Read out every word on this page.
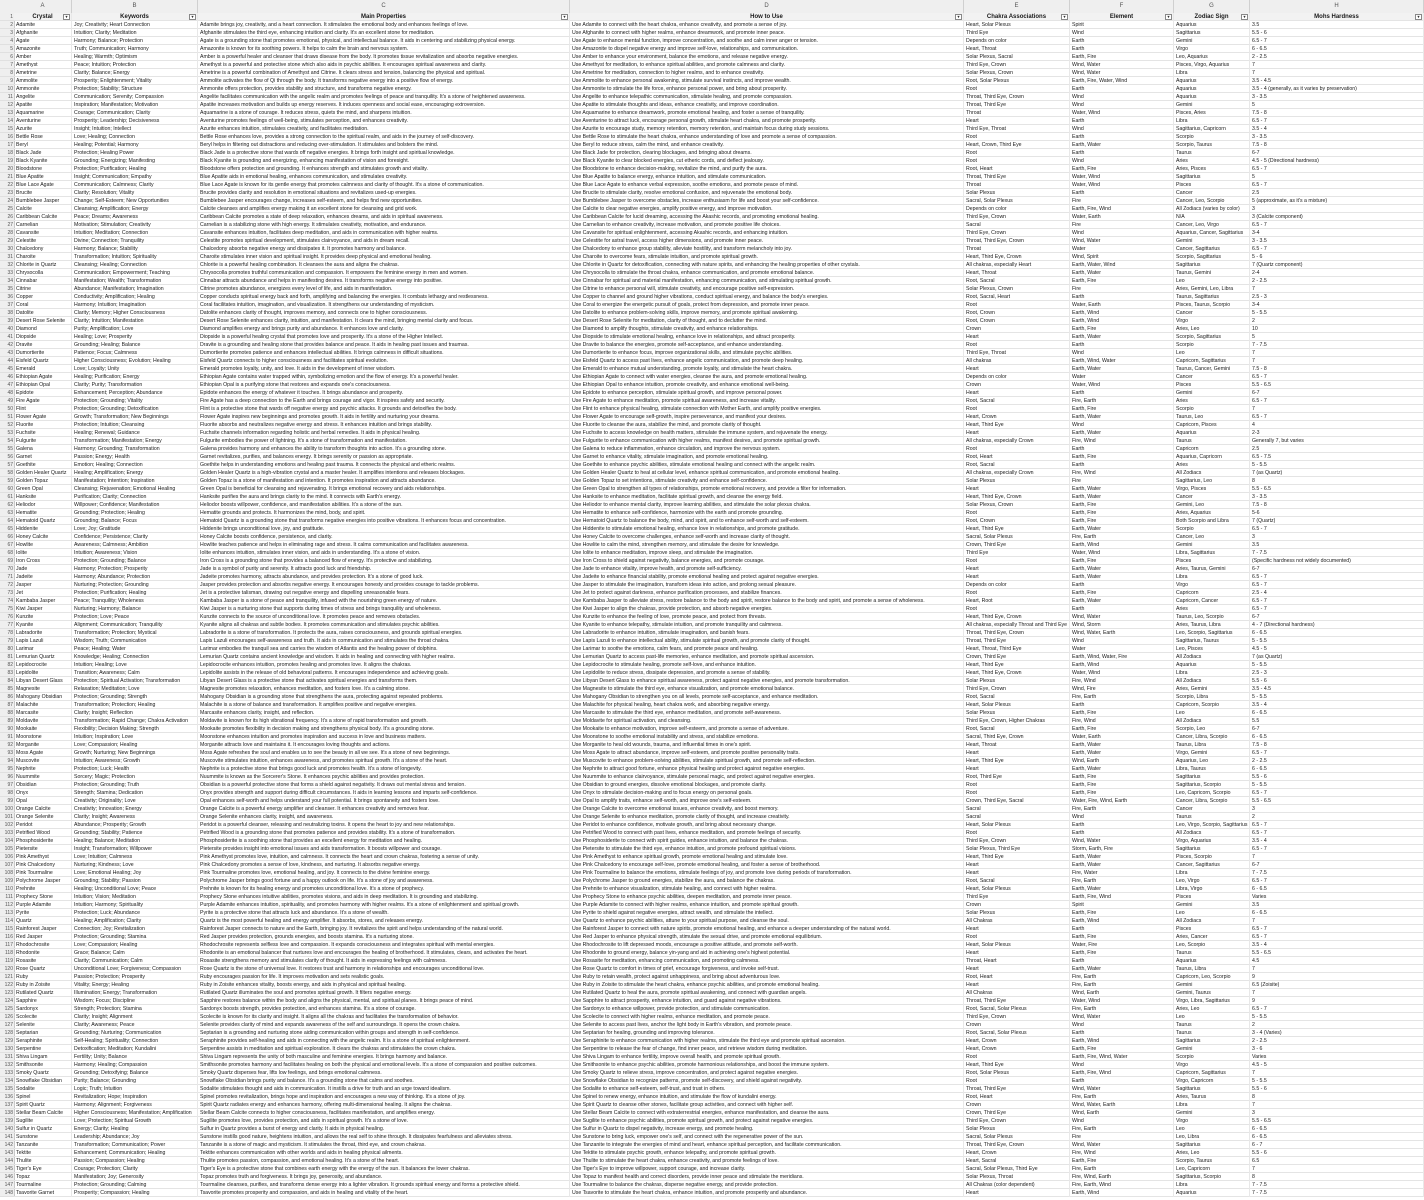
A	B	C	D	E	F	G	H
1
2
3
4
5
6
7
8
9
10
11
12
13
14
15
16
17
18
19
20
21
22
23
24
25
26
27
28
29
30
31
32
33
34
35
36
37
38
39
40
41
42
43
44
45
46
47
48
49
50
51
52
53
54
55
56
57
58
59
60
61
62
63
64
65
66
67
68
69
70
71
72
73
74
75
76
77
78
79
80
81
82
83
84
85
86
87
88
89
90
91
92
93
94
95
96
97
98
99
100
101
102
103
104
105
106
107
108
109
110
111
112
113
114
115
116
117
118
119
120
121
122
123
124
125
126
127
128
129
130
131
132
133
134
135
136
137
138
139
140
141
142
143
144
145
146
147
148
Crystal	▾	Keywords	▾	Main Properties	▾	How to Use	▾	Chakra Associations	▾	Element	▾	Zodiac Sign	▾	Mohs Hardness	▾
Adamite	Joy; Creativity; Heart Connection	Adamite brings joy, creativity, and a heart connection. It stimulates the emotional body and enhances feelings of love.	Use Adamite to connect with the heart chakra, enhance creativity, and promote a sense of joy.	Heart, Solar Plexus	Spirit	Aquarius	3.5
Afghanite	Intuition; Clarity; Meditation	Afghanite stimulates the third eye, enhancing intuition and clarity. It's an excellent stone for meditation.	Use Afghanite to connect with higher realms, enhance dreamwork, and promote inner peace.	Third Eye	Wind	Sagittarius	5.5 - 6
Agate	Harmony; Balance; Protection	Agate is a grounding stone that promotes emotional, physical, and intellectual balance. It aids in centering and stabilizing physical energy.	Use Agate to enhance mental function, improve concentration, and soothe and calm inner anger or tension.	Depends on color	Earth	Gemini	6.5 - 7
Amazonite	Truth; Communication; Harmony	Amazonite is known for its soothing powers. It helps to calm the brain and nervous system.	Use Amazonite to dispel negative energy and improve self-love, relationships, and communication.	Heart, Throat	Earth	Virgo	6 - 6.5
Amber	Healing; Warmth; Optimism	Amber is a powerful healer and cleanser that draws disease from the body. It promotes tissue revitalization and absorbs negative energies.	Use Amber to enhance your environment, balance the emotions, and release negative energy.	Solar Plexus, Sacral	Earth, Fire	Leo, Aquarius	2 - 2.5
Amethyst	Peace; Intuition; Protection	Amethyst is a powerful and protective stone which also aids in psychic abilities. It encourages spiritual awareness and clarity.	Use Amethyst for meditation, to enhance spiritual abilities, and promote calmness and clarity.	Third Eye, Crown	Wind, Water	Pisces, Virgo, Aquarius	7
Ametrine	Clarity; Balance; Energy	Ametrine is a powerful combination of Amethyst and Citrine. It clears stress and tension, balancing the physical and spiritual.	Use Ametrine for meditation, connection to higher realms, and to enhance creativity.	Solar Plexus, Crown	Wind, Water	Libra	7
Ammolite	Prosperity; Enlightenment; Vitality	Ammolite activates the flow of Qi through the body. It transforms negative energy into a positive flow of energy.	Use Ammolite to enhance personal awakening, stimulate survival instincts, and improve wealth.	Root, Solar Plexus	Earth, Fire, Water, Wind	Aquarius	3.5 - 4.5
Ammonite	Protection; Stability; Structure	Ammonite offers protection, provides stability and structure, and transforms negative energy.	Use Ammonite to stimulate the life force, enhance personal power, and bring about prosperity.	Root	Earth	Aquarius	3.5 - 4 (generally, as it varies by preservation)
Angelite	Communication; Serenity; Compassion	Angelite facilitates communication with the angelic realm and promotes feelings of peace and tranquility. It's a stone of heightened awareness.	Use Angelite to enhance telepathic communication, stimulate healing, and promote compassion.	Throat, Third Eye, Crown	Wind	Aquarius	3 - 3.5
Apatite	Inspiration; Manifestation; Motivation	Apatite increases motivation and builds up energy reserves. It induces openness and social ease, encouraging extroversion.	Use Apatite to stimulate thoughts and ideas, enhance creativity, and improve coordination.	Throat, Third Eye	Wind	Gemini	5
Aquamarine	Courage; Communication; Clarity	Aquamarine is a stone of courage. It reduces stress, quiets the mind, and sharpens intuition.	Use Aquamarine to enhance dreamwork, promote emotional healing, and foster a sense of tranquility.	Throat	Water, Wind	Pisces, Aries	7.5 - 8
Aventurine	Prosperity; Leadership; Decisiveness	Aventurine promotes feelings of well-being, stimulates perception, and enhances creativity.	Use Aventurine to attract luck, encourage personal growth, stimulate heart chakra, and promote prosperity.	Heart	Earth	Libra	6.5 - 7
Azurite	Insight; Intuition; Intellect	Azurite enhances intuition, stimulates creativity, and facilitates meditation.	Use Azurite to encourage study, memory retention, memory retention, and maintain focus during study sessions.	Third Eye, Throat	Wind	Sagittarius, Capricorn	3.5 - 4
Bettle Rose	Love; Healing; Connection	Bettle Rose enhances love, provides a strong connection to the spiritual realm, and aids in the journey of self-discovery.	Use Bettle Rose to stimulate the heart chakra, enhance understanding of love and promote a sense of compassion.	Root	Earth	Scorpio	3 - 3.5
Beryl	Healing; Potential; Harmony	Beryl helps in filtering out distractions and reducing over-stimulation. It stimulates and bolsters the mind.	Use Beryl to reduce stress, calm the mind, and enhance creativity.	Heart, Crown, Third Eye	Earth, Water	Scorpio, Taurus	7.5 - 8
Black Jade	Protection; Healing Power	Black Jade is a protective stone that wards off negative energies. It brings forth insight and spiritual knowledge.	Use Black Jade for protection, clearing blockages, and bringing about dreams.	Root	Earth	Taurus	6-7
Black Kyanite	Grounding; Energizing; Manifesting	Black Kyanite is grounding and energizing, enhancing manifestation of vision and foresight.	Use Black Kyanite to clear blocked energies, cut etheric cords, and deflect jealousy.	Root	Wind	Aries	4.5 - 5 (Directional hardness)
Bloodstone	Protection; Purification; Healing	Bloodstone offers protection and grounding. It enhances strength and stimulates growth and vitality.	Use Bloodstone to enhance decision-making, revitalize the mind, and purify the aura.	Root, Heart	Earth, Fire	Aries, Pisces	6.5 - 7
Blue Apatite	Insight; Communication; Empathy	Blue Apatite aids in emotional healing, enhances communication, and stimulates creativity.	Use Blue Apatite to balance energy, enhance intuition, and stimulate communication.	Throat, Third Eye	Water, Wind	Sagittarius	5
Blue Lace Agate	Communication; Calmness; Clarity	Blue Lace Agate is known for its gentle energy that promotes calmness and clarity of thought. It's a stone of communication.	Use Blue Lace Agate to enhance verbal expression, soothe emotions, and promote peace of mind.	Throat	Water, Wind	Pisces	6.5 - 7
Brucite	Clarity; Resolution; Vitality	Brucite provides clarity and resolution in emotional situations and revitalizes used-up energies.	Use Brucite to stimulate clarity, resolve emotional confusion, and rejuvenate the emotional body.	Solar Plexus	Earth	Cancer	2.5
Bumblebee Jasper	Change; Self-Esteem; New Opportunities	Bumblebee Jasper encourages change, increases self-esteem, and helps find new opportunities.	Use Bumblebee Jasper to overcome obstacles, increase enthusiasm for life and boost your self-confidence.	Sacral, Solar Plexus	Fire	Cancer, Leo, Scorpio	5 (approximate, as it's a mixture)
Calcite	Cleansing; Amplification; Energy	Calcite cleanses and amplifies energy making it an excellent stone for cleansing and grid work.	Use Calcite to clear negative energies, amplify positive energy, and improve motivation.	Depends on color	Earth, Fire, Wind	All Zodiacs (varies by color)	3
Caribbean Calcite	Peace; Dreams; Awareness	Caribbean Calcite promotes a state of deep relaxation, enhances dreams, and aids in spiritual awareness.	Use Caribbean Calcite for lucid dreaming, accessing the Akashic records, and promoting emotional healing.	Third Eye, Crown	Water, Earth	N/A	3 (Calcite component)
Carnelian	Motivation; Stimulation; Creativity	Carnelian is a stabilizing stone with high energy. It stimulates creativity, motivation, and endurance.	Use Carnelian to enhance creativity, increase motivation, and promote positive life choices.	Sacral	Fire	Cancer, Leo, Virgo	6.5 - 7
Cavansite	Intuition; Meditation; Connection	Cavansite enhances intuition, facilitates deep meditation, and aids in communication with higher realms.	Use Cavansite for spiritual enlightenment, accessing Akashic records, and enhancing intuition.	Third Eye, Crown	Wind	Aquarius, Cancer, Sagittarius	3-4
Celestite	Divine; Connection; Tranquility	Celestite promotes spiritual development, stimulates clairvoyance, and aids in dream recall.	Use Celestite for astral travel, access higher dimensions, and promote inner peace.	Throat, Third Eye, Crown	Wind, Water	Gemini	3 - 3.5
Chalcedony	Harmony; Balance; Stability	Chalcedony absorbs negative energy and dissipates it. It promotes harmony and balance.	Use Chalcedony to enhance group stability, alleviate hostility, and transform melancholy into joy.	Throat	Water	Cancer, Sagittarius	6.5 - 7
Charoite	Transformation; Intuition; Spirituality	Charoite stimulates inner vision and spiritual insight. It provides deep physical and emotional healing.	Use Charoite to overcome fears, stimulate intuition, and promote spiritual growth.	Heart, Third Eye, Crown	Wind, Spirit	Scorpio, Sagittarius	5 - 6
Chlorite in Quartz	Cleansing; Healing; Connection	Chlorite is a powerful healing combination. It cleanses the aura and aligns the chakras.	Use Chlorite in Quartz for detoxification, connecting with nature spirits, and enhancing the healing properties of other crystals.	All chakras, especially Heart	Earth, Water, Wind	Sagittarius	7 (Quartz component)
Chrysocolla	Communication; Empowerment; Teaching	Chrysocolla promotes truthful communication and compassion. It empowers the feminine energy in men and women.	Use Chrysocolla to stimulate the throat chakra, enhance communication, and promote emotional balance.	Heart, Throat	Earth, Water	Taurus, Gemini	2-4
Cinnabar	Manifestation; Wealth; Transformation	Cinnabar attracts abundance and helps in manifesting desires. It transforms negative energy into positive.	Use Cinnabar for spiritual and material manifestation, enhancing communication, and stimulating spiritual growth.	Root, Sacral	Earth, Fire	Leo	2 - 2.5
Citrine	Abundance; Manifestation; Imagination	Citrine promotes abundance, energizes every level of life, and aids in manifestation.	Use Citrine to enhance personal will, stimulate creativity, and encourage positive self-expression.	Solar Plexus, Crown	Fire	Aries, Gemini, Leo, Libra	7
Copper	Conductivity; Amplification; Healing	Copper conducts spiritual energy back and forth, amplifying and balancing the energies. It combats lethargy and restlessness.	Use Copper to channel and ground higher vibrations, conduct spiritual energy, and balance the body's energies.	Root, Sacral, Heart	Earth	Taurus, Sagittarius	2.5 - 3
Coral	Harmony; Intuition; Imagination	Coral facilitates intuition, imagination, and visualization. It strengthens our understanding of mysticism.	Use Coral to energize the energetic pursuit of goals, protect from depression, and promote inner peace.	Root	Water, Earth	Pisces, Taurus, Scorpio	3-4
Datolite	Clarity; Memory; Higher Consciousness	Datolite enhances clarity of thought, improves memory, and connects one to higher consciousness.	Use Datolite to enhance problem-solving skills, improve memory, and promote spiritual awakening.	Root, Crown	Earth, Wind	Cancer	5 - 5.5
Desert Rose Selenite	Clarity; Intuition; Manifestation	Desert Rose Selenite enhances clarity, intuition, and manifestation. It clears the mind, bringing mental clarity and focus.	Use Desert Rose Selenite for meditation, clarity of thought, and to declutter the mind.	Root, Crown	Earth, Wind	Virgo	2
Diamond	Purity; Amplification; Love	Diamond amplifies energy and brings purity and abundance. It enhances love and clarity.	Use Diamond to amplify thoughts, stimulate creativity, and enhance relationships.	Crown	Earth, Fire	Aries, Leo	10
Diopside	Healing; Love; Prosperity	Diopside is a powerful healing crystal that promotes love and prosperity. It's a stone of the Higher Intellect.	Use Diopside to stimulate emotional healing, enhance love in relationships, and attract prosperity.	Heart	Earth, Water	Scorpio, Sagittarius	5
Dravite	Grounding; Healing; Balance	Dravite is a grounding and healing stone that provides balance and peace. It aids in healing past issues and traumas.	Use Dravite to balance the energies, promote self-acceptance, and enhance understanding.	Root	Earth	Scorpio	7 - 7.5
Dumortierite	Patience; Focus; Calmness	Dumortierite promotes patience and enhances intellectual abilities. It brings calmness in difficult situations.	Use Dumortierite to enhance focus, improve organizational skills, and stimulate psychic abilities.	Third Eye, Throat	Wind	Leo	7
Eisfeld Quartz	Higher Consciousness; Evolution; Healing	Eisfeld Quartz connects to higher consciousness and facilitates spiritual evolution.	Use Eisfeld Quartz to access past lives, enhance angelic communication, and promote deep healing.	All chakras	Earth, Wind, Water	Capricorn, Sagittarius	7
Emerald	Love; Loyalty; Unity	Emerald promotes loyalty, unity, and love. It aids in the development of inner wisdom.	Use Emerald to enhance mutual understanding, promote loyalty, and stimulate the heart chakra.	Heart	Earth, Water	Taurus, Cancer, Gemini	7.5 - 8
Ethiopian Agate	Healing; Purification; Energy	Ethiopian Agate contains water trapped within, symbolizing emotion and the flow of energy. It's a powerful healer.	Use Ethiopian Agate to connect with water energies, cleanse the aura, and promote emotional healing.	Depends on color	Water	Cancer	6.5 - 7
Ethiopian Opal	Clarity; Purity; Transformation	Ethiopian Opal is a purifying stone that restores and expands one's consciousness.	Use Ethiopian Opal to enhance intuition, promote creativity, and enhance emotional well-being.	Crown	Water, Wind	Pisces	5.5 - 6.5
Epidote	Enhancement; Perception; Abundance	Epidote enhances the energy of whatever it touches. It brings abundance and prosperity.	Use Epidote to enhance perception, stimulate spiritual growth, and improve personal power.	Heart	Earth	Gemini	6-7
Fire Agate	Protection; Grounding; Vitality	Fire Agate has a deep connection to the Earth and brings courage and vigor. It inspires safety and security.	Use Fire Agate to enhance meditation, promote spiritual awareness, and increase vitality.	Root, Sacral	Fire, Earth	Aries	6.5 - 7
Flint	Protection; Grounding; Detoxification	Flint is a protective stone that wards off negative energy and psychic attacks. It grounds and detoxifies the body.	Use Flint to enhance physical healing, stimulate connection with Mother Earth, and amplify positive energies.	Root	Earth, Fire	Scorpio	7
Flower Agate	Growth; Transformation; New Beginnings	Flower Agate inspires new beginnings and promotes growth. It aids in fertility and nurturing your dreams.	Use Flower Agate to encourage self-growth, inspire perseverance, and manifest your desires.	Heart, Crown	Earth, Water	Taurus, Leo	6.5 - 7
Fluorite	Protection; Intuition; Cleansing	Fluorite absorbs and neutralizes negative energy and stress. It enhances intuition and brings stability.	Use Fluorite to cleanse the aura, stabilize the mind, and promote clarity of thought.	Heart, Third Eye	Wind	Capricorn, Pisces	4
Fuchsite	Healing; Renewal; Guidance	Fuchsite channels information regarding holistic and herbal remedies. It aids in physical healing.	Use Fuchsite to access knowledge on health matters, stimulate the immune system, and rejuvenate the energy.	Heart	Earth, Water	Aquarius	2-3
Fulgurite	Transformation; Manifestation; Energy	Fulgurite embodies the power of lightning. It's a stone of transformation and manifestation.	Use Fulgurite to enhance communication with higher realms, manifest desires, and promote spiritual growth.	All chakras, especially Crown	Fire, Wind	Taurus	Generally 7, but varies
Galena	Harmony; Grounding; Transformation	Galena provides harmony and enhances the ability to transform thoughts into action. It's a grounding stone.	Use Galena to reduce inflammation, enhance circulation, and improve the nervous system.	Root	Earth	Capricorn	2.5
Garnet	Passion; Energy; Health	Garnet revitalizes, purifies, and balances energy. It brings serenity or passion as appropriate.	Use Garnet to enhance vitality, stimulate imagination, and promote emotional healing.	Root, Heart	Earth, Fire	Aquarius, Capricorn	6.5 - 7.5
Goethite	Emotion; Healing; Connection	Goethite helps in understanding emotions and healing past trauma. It connects the physical and etheric realms.	Use Goethite to enhance psychic abilities, stimulate emotional healing and connect with the angelic realm.	Root, Sacral	Earth	Aries	5 - 5.5
Golden Healer Quartz	Healing; Amplification; Energy	Golden Healer Quartz is a high-vibration crystal and a master healer. It amplifies intentions and releases blockages.	Use Golden Healer Quartz to heal at cellular level, enhance spiritual communication, and promote emotional healing.	All chakras, especially Crown	Fire, Wind	All Zodiacs	7 (as Quartz)
Golden Topaz	Manifestation; Intention; Inspiration	Golden Topaz is a stone of manifestation and intention. It promotes inspiration and attracts abundance.	Use Golden Topaz to set intentions, stimulate creativity and enhance self-confidence.	Solar Plexus	Fire	Sagittarius, Leo	8
Green Opal	Cleansing; Rejuvenation; Emotional Healing	Green Opal is beneficial for cleansing and rejuvenating. It brings emotional recovery and aids relationships.	Use Green Opal to strengthen all types of relationships, promote emotional recovery, and provide a filter for information.	Heart	Earth, Water	Virgo, Pisces	5.5 - 6.5
Hanksite	Purification; Clarity; Connection	Hanksite purifies the aura and brings clarity to the mind. It connects with Earth's energy.	Use Hanksite to enhance meditation, facilitate spiritual growth, and cleanse the energy field.	Heart, Third Eye, Crown	Earth, Water	Cancer	3 - 3.5
Heliodor	Willpower; Confidence; Manifestation	Heliodor boosts willpower, confidence, and manifestation abilities. It's a stone of the sun.	Use Heliodor to enhance mental clarity, improve learning abilities, and stimulate the solar plexus chakra.	Solar Plexus, Crown	Earth, Fire	Gemini, Leo	7.5 - 8
Hematite	Grounding; Protection; Healing	Hematite grounds and protects. It harmonizes the mind, body, and spirit.	Use Hematite to enhance self-confidence, harmonize with the earth and promote grounding.	Root	Earth, Fire	Aries, Aquarius	5-6
Hematoid Quartz	Grounding; Balance; Focus	Hematoid Quartz is a grounding stone that transforms negative energies into positive vibrations. It enhances focus and concentration.	Use Hematoid Quartz to balance the body, mind, and spirit, and to enhance self-worth and self-esteem.	Root, Crown	Earth, Fire	Both Scorpio and Libra	7 (Quartz)
Hiddenite	Love; Joy; Gratitude	Hiddenite brings unconditional love, joy, and gratitude.	Use Hiddenite to stimulate emotional healing, enhance love in relationships, and promote gratitude.	Heart, Third Eye	Earth, Water	Scorpio	6.5 - 7
Honey Calcite	Confidence; Persistence; Clarity	Honey Calcite boosts confidence, persistence, and clarity.	Use Honey Calcite to overcome challenges, enhance self-worth and increase clarity of thought.	Sacral, Solar Plexus	Fire, Earth	Cancer, Leo	3
Howlite	Awareness; Calmness; Ambition	Howlite teaches patience and helps in eliminating rage and stress. It calms communication and facilitates awareness.	Use Howlite to calm the mind, strengthen memory, and stimulate the desire for knowledge.	Crown, Third Eye	Earth, Wind	Gemini	3.5
Iolite	Intuition; Awareness; Vision	Iolite enhances intuition, stimulates inner vision, and aids in understanding. It's a stone of vision.	Use Iolite to enhance meditation, improve sleep, and stimulate the imagination.	Third Eye	Water, Wind	Libra, Sagittarius	7 - 7.5
Iron Cross	Protection; Grounding; Balance	Iron Cross is a grounding stone that provides a balanced flow of energy. It's protective and stabilizing.	Use Iron Cross to shield against negativity, balance energies, and promote courage.	Root	Earth, Fire	Pisces	(Specific hardness not widely documented)
Jade	Harmony; Protection; Prosperity	Jade is a symbol of purity and serenity. It attracts good luck and friendship.	Use Jade to enhance vitality, improve health, and promote self-sufficiency.	Heart	Earth, Water	Aries, Taurus, Gemini	6-7
Jadeite	Harmony; Abundance; Protection	Jadeite promotes harmony, attracts abundance, and provides protection. It's a stone of good luck.	Use Jadeite to enhance financial stability, promote emotional healing and protect against negative energies.	Heart	Earth, Water	Libra	6.5 - 7
Jasper	Nurturing; Protection; Grounding	Jasper provides protection and absorbs negative energy. It encourages honesty and provides courage to tackle problems.	Use Jasper to stimulate the imagination, transform ideas into action, and prolong sexual pleasure.	Depends on color	Earth	Virgo	6.5 - 7
Jet	Protection; Purification; Healing	Jet is a protective talisman, drawing out negative energy and dispelling unreasonable fears.	Use Jet to protect against darkness, enhance purification processes, and stabilize finances.	Root	Earth, Fire	Capricorn	2.5 - 4
Kambaba Jasper	Peace; Tranquility; Wholeness	Kambaba Jasper is a stone of peace and tranquility, infused with the nourishing green energy of nature.	Use Kambaba Jasper to alleviate stress, restore balance to the body and spirit, restore balance to the body and spirit, and promote a sense of wholeness.	Heart, Root	Earth, Water	Capricorn, Cancer	6.5 - 7
Kiwi Jasper	Nurturing; Harmony; Balance	Kiwi Jasper is a nurturing stone that supports during times of stress and brings tranquility and wholeness.	Use Kiwi Jasper to align the chakras, provide protection, and absorb negative energies.	Root	Earth	Aries	6.5 - 7
Kunzite	Protection; Love; Peace	Kunzite connects to the source of unconditional love. It promotes peace and removes obstacles.	Use Kunzite to enhance the feeling of love, promote peace, and protect from threats.	Heart, Third Eye, Crown	Wind, Water	Taurus, Leo, Scorpio	6-7
Kyanite	Alignment; Communication; Tranquility	Kyanite aligns all chakras and subtle bodies. It promotes communication and stimulates psychic abilities.	Use Kyanite to enhance telepathy, stimulate intuition, and promote tranquility and calmness.	All chakras, especially Throat and Third Eye Wind, Storm	Aries, Taurus, Libra	4 - 7 (Directional hardness)
Labradorite	Transformation; Protection; Mystical	Labradorite is a stone of transformation. It protects the aura, raises consciousness, and grounds spiritual energies.	Use Labradorite to enhance intuition, stimulate imagination, and banish fears.	Throat, Third Eye, Crown	Wind, Water, Earth	Leo, Scorpio, Sagittarius	6 - 6.5
Lapis Lazuli	Wisdom; Truth; Communication	Lapis Lazuli encourages self-awareness and truth. It aids in communication and stimulates the throat chakra.	Use Lapis Lazuli to enhance intellectual ability, stimulate spiritual growth, and promote clarity of thought.	Throat, Third Eye	Wind	Sagittarius, Taurus	5 - 5.5
Larimar	Peace; Healing; Water	Larimar embodies the tranquil sea and carries the wisdom of Atlantis and the healing power of dolphins.	Use Larimar to soothe the emotions, calm fears, and promote peace and healing.	Heart, Throat, Third Eye	Water	Leo, Pisces	4.5 - 5
Lemurian Quartz	Knowledge; Healing; Connection	Lemurian Quartz contains ancient knowledge and wisdom. It aids in healing and connecting with higher realms.	Use Lemurian Quartz to access past-life memories, enhance meditation, and promote spiritual ascension.	Crown, Third Eye	Earth, Wind, Water, Fire	All Zodiacs	7 (as Quartz)
Lepidocrocite	Intuition; Healing; Love	Lepidocrocite enhances intuition, promotes healing and promotes love. It aligns the chakras.	Use Lepidocrocite to stimulate healing, promote self-love, and enhance intuition.	Heart, Third Eye	Earth, Wind	Aquarius	5 - 5.5
Lepidolite	Transition; Awareness; Calm	Lepidolite assists in the release of old behavioral patterns. It encourages independence and achieving goals.	Use Lepidolite to reduce stress, dissipate depression, and promote a sense of stability.	Heart, Third Eye, Crown	Water, Wind	Libra	2.5 - 3
Libyan Desert Glass	Protection; Spiritual Activation; Transformation	Libyan Desert Glass is a protective stone that activates spiritual energies and transforms them.	Use Libyan Desert Glass to enhance spiritual awareness, protect against negative energies, and promote transformation.	Solar Plexus	Fire, Wind	All Zodiacs	5.5 - 6
Magnesite	Relaxation; Meditation; Love	Magnesite promotes relaxation, enhances meditation, and fosters love. It's a calming stone.	Use Magnesite to stimulate the third eye, enhance visualization, and promote emotional balance.	Third Eye, Crown	Wind, Fire	Aries, Gemini	3.5 - 4.5
Mahogany Obsidian	Protection; Grounding; Strength	Mahogany Obsidian is a grounding stone that strengthens the aura, protecting against repeated problems.	Use Mahogany Obsidian to strengthen you on all levels, promote self-acceptance, and enhance meditation.	Root, Sacral	Fire, Earth	Scorpio, Libra	5 - 5.5
Malachite	Transformation; Protection; Healing	Malachite is a stone of balance and transformation. It amplifies positive and negative energies.	Use Malachite for physical healing, heart chakra work, and absorbing negative energy.	Heart, Solar Plexus	Earth	Capricorn, Scorpio	3.5 - 4
Marcasite	Clarity; Insight; Reflection	Marcasite enhances clarity, insight, and reflection.	Use Marcasite to stimulate the third eye, enhance meditation, and promote self-awareness.	Solar Plexus	Earth, Fire	Leo	6 - 6.5
Moldavite	Transformation; Rapid Change; Chakra Activation	Moldavite is known for its high vibrational frequency. It's a stone of rapid transformation and growth.	Use Moldavite for spiritual activation, and cleansing.	Third Eye, Crown, Higher Chakras	Fire, Wind	All Zodiacs	5.5
Mookaite	Flexibility; Decision Making; Strength	Mookaite promotes flexibility in decision making and strengthens physical body. It's a grounding stone.	Use Mookaite to enhance motivation, improve self-esteem, and promote a sense of adventure.	Root, Sacral	Earth, Fire	Scorpio, Leo	6-7
Moonstone	Intuition; Inspiration; Love	Moonstone enhances intuition and promotes inspiration and success in love and business matters.	Use Moonstone to soothe emotional instability and stress, and stabilize emotions.	Sacral, Third Eye, Crown	Water, Earth	Cancer, Libra, Scorpio	6 - 6.5
Morganite	Love; Compassion; Healing	Morganite attracts love and maintains it. It encourages loving thoughts and actions.	Use Morganite to heal old wounds, trauma, and influential times in one's spirit.	Heart, Throat	Earth, Water	Taurus, Libra	7.5 - 8
Moss Agate	Growth; Nurturing; New Beginnings	Moss Agate refreshes the soul and enables us to see the beauty in all we see. It's a stone of new beginnings.	Use Moss Agate to attract abundance, improve self-esteem, and promote positive personality traits.	Heart	Earth, Water	Virgo, Gemini	6.5 - 7
Muscovite	Intuition; Awareness; Growth	Muscovite stimulates intuition, enhances awareness, and promotes spiritual growth. It's a stone of the heart.	Use Muscovite to enhance problem-solving abilities, stimulate spiritual growth, and promote self-reflection.	Heart, Third Eye	Wind, Earth	Aquarius, Leo	2 - 2.5
Nephrite	Protection; Luck; Health	Nephrite is a protective stone that brings good luck and promotes health. It's a stone of longevity.	Use Nephrite to attract good fortune, enhance physical healing and protect against negative energies.	Heart	Earth, Water	Libra, Taurus	6 - 6.5
Nuummite	Sorcery; Magic; Protection	Nuummite is known as the Sorcerer's Stone. It enhances psychic abilities and provides protection.	Use Nuummite to enhance clairvoyance, stimulate personal magic, and protect against negative energies.	Root, Third Eye	Earth, Fire	Sagittarius	5.5 - 6
Obsidian	Protection; Grounding; Truth	Obsidian is a powerful protective stone that forms a shield against negativity. It draws out mental stress and tension.	Use Obsidian to ground energies, dissolve emotional blockages, and promote clarity.	Root	Earth, Fire	Sagittarius, Scorpio	5 - 5.5
Onyx	Strength; Stamina; Dedication	Onyx provides strength and support during difficult circumstances. It aids in learning lessons and imparts self-confidence.	Use Onyx to stimulate decision-making and to focus energy on personal goals.	Root	Earth, Fire	Leo, Capricorn, Scorpio	6.5 - 7
Opal	Creativity; Originality; Love	Opal enhances self-worth and helps understand your full potential. It brings spontaneity and fosters love.	Use Opal to amplify traits, enhance self-worth, and improve one's self-esteem.	Crown, Third Eye, Sacral	Water, Fire, Wind, Earth	Cancer, Libra, Scorpio	5.5 - 6.5
Orange Calcite	Creativity; Innovation; Energy	Orange Calcite is a powerful energy amplifier and cleanser. It enhances creativity and removes fear.	Use Orange Calcite to overcome emotional issues, enhance creativity, and boost memory.	Sacral	Fire, Earth	Cancer	3
Orange Selenite	Clarity; Insight; Awareness	Orange Selenite enhances clarity, insight, and awareness.	Use Orange Selenite to enhance meditation, promote clarity of thought, and increase creativity.	Sacral	Wind	Taurus	2
Peridot	Abundance; Prosperity; Growth	Peridot is a powerful cleanser, releasing and neutralizing toxins. It opens the heart to joy and new relationships.	Use Peridot to enhance confidence, motivate growth, and bring about necessary change.	Heart, Solar Plexus	Earth	Leo, Virgo, Scorpio, Sagittarius 6.5 - 7
Petrified Wood	Grounding; Stability; Patience	Petrified Wood is a grounding stone that promotes patience and provides stability. It's a stone of transformation.	Use Petrified Wood to connect with past lives, enhance meditation, and promote feelings of security.	Root	Earth	All Zodiacs	6.5 - 7
Phosphosiderite	Healing; Balance; Meditation	Phosphosiderite is a soothing stone that provides an excellent energy for meditation and healing.	Use Phosphosiderite to connect with spirit guides, enhance intuition, and balance the chakras.	Third Eye, Crown	Wind, Water	Virgo, Aquarius	3.5 - 4
Pietersite	Insight; Transformation; Willpower	Pietersite provides insight into emotional issues and aids transformation. It boosts willpower and courage.	Use Pietersite to stimulate the third eye, enhance intuition, and promote profound spiritual visions.	Solar Plexus, Third Eye	Storm, Earth, Fire	Sagittarius	6.5 - 7
Pink Amethyst	Love; Intuition; Calmness	Pink Amethyst promotes love, intuition, and calmness. It connects the heart and crown chakras, fostering a sense of unity.	Use Pink Amethyst to enhance spiritual growth, promote emotional healing and stimulate love.	Heart, Third Eye	Earth, Water	Pisces, Scorpio	7
Pink Chalcedony	Nurturing; Kindness; Love	Pink Chalcedony promotes a sense of love, kindness, and nurturing. It absorbs negative energy.	Use Pink Chalcedony to encourage self-love, promote emotional healing, and foster a sense of brotherhood.	Heart	Earth, Water	Cancer, Sagittarius	6-7
Pink Tourmaline	Love; Emotional Healing; Joy	Pink Tourmaline promotes love, emotional healing, and joy. It connects to the divine feminine energy.	Use Pink Tourmaline to balance the emotions, stimulate feelings of joy, and promote love during periods of transformation.	Heart	Fire, Water	Libra	7 - 7.5
Polychrome Jasper	Grounding; Stability; Passion	Polychrome Jasper brings good fortune and a happy outlook on life. It's a stone of joy and awareness.	Use Polychrome Jasper to ground energies, stabilize the aura, and balance the chakras.	Root, Sacral	Fire, Earth	Leo, Virgo	6.5 - 7
Prehnite	Healing; Unconditional Love; Peace	Prehnite is known for its healing energy and promotes unconditional love. It's a stone of prophecy.	Use Prehnite to enhance visualization, stimulate healing, and connect with higher realms.	Heart, Solar Plexus	Earth, Water	Libra, Virgo	6 - 6.5
Prophecy Stone	Intuition; Vision; Meditation	Prophecy Stone enhances intuitive abilities, promotes visions, and aids in deep meditation. It is grounding and stabilizing.	Use Prophecy Stone to enhance psychic abilities, deepen meditation, and promote inner peace.	Third Eye	Earth, Fire, Wind	Pisces	Varies
Purple Adamite	Intuition; Harmony; Spirituality	Purple Adamite enhances intuition, spirituality, and promotes harmony with higher realms. It's a stone of enlightenment and spiritual growth.	Use Purple Adamite to connect with higher realms, enhance intuition, and promote spiritual growth.	Crown	Spirit	Gemini	3.5
Pyrite	Protection; Luck; Abundance	Pyrite is a protective stone that attracts luck and abundance. It's a stone of wealth.	Use Pyrite to shield against negative energies, attract wealth, and stimulate the intellect.	Solar Plexus	Earth, Fire	Leo	6 - 6.5
Quartz	Healing; Amplification; Clarity	Quartz is the most powerful healing and energy amplifier. It absorbs, stores, and releases energy.	Use Quartz to enhance psychic abilities, attune to your spiritual purpose, and cleanse the soul.	All Chakras	Earth, Wind	All Zodiacs	7
Rainforest Jasper	Connection; Joy; Revitalization	Rainforest Jasper connects to nature and the Earth, bringing joy. It revitalizes the spirit and helps understanding of the natural world.	Use Rainforest Jasper to connect with nature spirits, promote emotional healing, and enhance a deeper understanding of the natural world.	Heart	Earth	Pisces	6.5 - 7
Red Jasper	Protection; Grounding; Stamina	Red Jasper provides protection, grounds energies, and boosts stamina. It's a nurturing stone.	Use Red Jasper to enhance physical strength, stimulate the sexual drive, and promote emotional equilibrium.	Root	Earth, Fire	Aries, Cancer	6.5 - 7
Rhodochrosite	Love; Compassion; Healing	Rhodochrosite represents selfless love and compassion. It expands consciousness and integrates spiritual with mental energies.	Use Rhodochrosite to lift depressed moods, encourage a positive attitude, and promote self-worth.	Heart, Solar Plexus	Water, Fire	Leo, Scorpio	3.5 - 4
Rhodonite	Grace; Balance; Calm	Rhodonite is an emotional balancer that nurtures love and encourages the healing of brotherhood. It stimulates, clears, and activates the heart.	Use Rhodonite to ground energy, balance yin-yang and aid in achieving one's highest potential.	Heart	Earth, Fire	Taurus	5.5 - 6.5
Rosasite	Clarity; Communication; Calm	Rosasite strengthens memory and stimulates clarity of thought. It aids in expressing feelings with calmness.	Use Rosasite for meditation, enhancing communication, and promoting calmness.	Throat, Heart	Earth	Aquarius	4.5
Rose Quartz	Unconditional Love; Forgiveness; Compassion	Rose Quartz is the stone of universal love. It restores trust and harmony in relationships and encourages unconditional love.	Use Rose Quartz to comfort in times of grief, encourage forgiveness, and invoke self-trust.	Heart	Earth, Water	Taurus, Libra	7
Ruby	Passion; Protection; Prosperity	Ruby encourages passion for life. It improves motivation and sets realistic goals.	Use Ruby to retain wealth, protect against unhappiness, and bring about adventurous love.	Root, Heart	Fire, Earth	Capricorn, Leo, Scorpio	9
Ruby in Zoisite	Vitality; Energy; Healing	Ruby in Zoisite enhances vitality, boosts energy, and aids in physical and spiritual healing.	Use Ruby in Zoisite to stimulate the heart chakra, enhance psychic abilities, and promote emotional healing.	Heart	Fire, Earth	Gemini	6.5 (Zoisite)
Rutilated Quartz	Illumination; Energy; Transformation	Rutilated Quartz illuminates the soul and promotes spiritual growth. It filters negative energy.	Use Rutilated Quartz to heal the aura, promote spiritual awakening, and connect with guardian angels.	All Chakras	Wind, Earth	Gemini, Taurus	7
Sapphire	Wisdom; Focus; Discipline	Sapphire restores balance within the body and aligns the physical, mental, and spiritual planes. It brings peace of mind.	Use Sapphire to attract prosperity, enhance intuition, and guard against negative vibrations.	Throat, Third Eye	Water, Wind	Virgo, Libra, Sagittarius	9
Sardonyx	Strength; Protection; Stamina	Sardonyx boosts strength, provides protection, and enhances stamina. It's a stone of courage.	Use Sardonyx to enhance willpower, provide protection, and stimulate communication.	Root, Sacral, Solar Plexus	Fire, Earth	Aries, Leo	6.5 - 7
Scolecite	Clarity; Insight; Alignment	Scolecite is known for its clarity and insight. It aligns all the chakras and facilitates the transformation of behavior.	Use Scolecite to connect with higher realms, enhance meditation, and promote peace.	Third Eye, Crown	Wind, Water	Leo	5 - 5.5
Selenite	Clarity; Awareness; Peace	Selenite provides clarity of mind and expands awareness of the self and surroundings. It opens the crown chakra.	Use Selenite to access past lives, anchor the light body in Earth's vibration, and promote peace.	Crown	Wind	Taurus	2
Septarian	Grounding; Nurturing; Communication	Septarian is a grounding and nurturing stone aiding communication within groups and strength in self-confidence.	Use Septarian for healing, grounding and improving tolerance.	Root, Sacral, Solar Plexus	Earth	Taurus	3 - 4 (Varies)
Seraphinite	Self-Healing; Spirituality; Connection	Seraphinite provides self-healing and aids in connecting with the angelic realm. It is a stone of spiritual enlightenment.	Use Seraphinite to enhance communication with higher realms, stimulate the third eye and promote spiritual ascension.	Heart, Crown	Earth, Wind	Sagittarius	2 - 2.5
Serpentine	Detoxification; Meditation; Kundalini	Serpentine assists in meditation and spiritual exploration. It clears the chakras and stimulates the crown chakra.	Use Serpentine to release the fear of change, find inner peace, and retrieve wisdom during meditation.	Heart, Crown	Earth, Fire	Gemini	3 - 6
Shiva Lingam	Fertility; Unity; Balance	Shiva Lingam represents the unity of both masculine and feminine energies. It brings harmony and balance.	Use Shiva Lingam to enhance fertility, improve overall health, and promote spiritual growth.	Root	Earth, Fire, Wind, Water	Scorpio	Varies
Smithsonite	Harmony; Healing; Compassion	Smithsonite promotes harmony and facilitates healing on both the physical and emotional levels. It's a stone of compassion and positive outcomes.	Use Smithsonite to enhance psychic abilities, promote harmonious relationships, and boost the immune system.	Heart, Third Eye	Wind	Virgo	4.5 - 5
Smoky Quartz	Grounding; Detoxifying; Balance	Smoky Quartz disperses fear, lifts low feelings, and brings emotional calmness.	Use Smoky Quartz to relieve stress, improve concentration, and protect against negative energies.	Root, Solar Plexus	Earth, Fire, Wind	Capricorn, Sagittarius	7
Snowflake Obsidian	Purity; Balance; Grounding	Snowflake Obsidian brings purity and balance. It's a grounding stone that calms and soothes.	Use Snowflake Obsidian to recognize patterns, promote self-discovery, and shield against negativity.	Root	Earth	Virgo, Capricorn	5 - 5.5
Sodalite	Logic; Truth; Intuition	Sodalite stimulates thought and aids in communication. It instills a drive for truth and an urge toward idealism.	Use Sodalite to enhance self-esteem, self-trust, and trust in others.	Throat, Third Eye	Wind, Water	Sagittarius	5.5 - 6
Spinel	Revitalization; Hope; Inspiration	Spinel promotes revitalization, brings hope and inspiration and encourages a new way of thinking. It's a stone of joy.	Use Spinel to renew energy, enhance intuition, and stimulate the flow of kundalini energy.	Root, Heart	Fire, Earth	Aries, Taurus	8
Spirit Quartz	Harmony; Alignment; Forgiveness	Spirit Quartz radiates energy and enhances harmony, offering multi-dimensional healing. It aligns the chakras.	Use Spirit Quartz to cleanse other stones, facilitate group activities, and connect with higher self.	Crown	Wind, Water, Earth	Libra	7
Stellar Beam Calcite	Higher Consciousness; Manifestation; Amplification	Stellar Beam Calcite connects to higher consciousness, facilitates manifestation, and amplifies energy.	Use Stellar Beam Calcite to connect with extraterrestrial energies, enhance manifestation, and cleanse the aura.	Crown, Third Eye	Wind, Earth	Gemini	3
Sugilite	Love; Protection; Spiritual Growth	Sugilite promotes love, provides protection, and aids in spiritual growth. It's a stone of love.	Use Sugilite to enhance psychic abilities, promote spiritual growth, and protect against negative energies.	Third Eye, Crown	Wind	Virgo	5.5 - 6.5
Sulfur in Quartz	Energy; Clarity; Healing	Sulfur in Quartz provides a burst of energy and clarity. It aids in physical healing.	Use Sulfur in Quartz to dispel negativity, increase energy, and promote healing.	Solar Plexus	Fire, Earth	Leo	6 - 6.5
Sunstone	Leadership; Abundance; Joy	Sunstone instills good nature, heightens intuition, and allows the real self to shine through. It dissipates fearfulness and alleviates stress.	Use Sunstone to bring luck, empower one's self, and connect with the regenerative power of the sun.	Sacral, Solar Plexus	Fire	Leo, Libra	6 - 6.5
Tanzanite	Transformation; Communication; Power	Tanzanite is a stone of magic and mysticism. It stimulates the throat, third eye, and crown chakras.	Use Tanzanite to integrate the energies of mind and heart, enhance spiritual perception, and facilitate communication.	Throat, Third Eye, Crown	Wind, Water	Sagittarius	6 - 7
Tektite	Enhancement; Communication; Healing	Tektite enhances communication with other worlds and aids in healing physical ailments.	Use Tektite to stimulate psychic growth, enhance telepathy, and promote spiritual growth.	Heart, Crown	Fire, Wind	Aries, Leo	5.5 - 6
Thulite	Passion; Compassion; Healing	Thulite promotes passion, compassion, and emotional healing. It's a stone of the heart.	Use Thulite to stimulate the heart chakra, enhance creativity, and promote feelings of love.	Heart, Sacral	Earth, Fire	Scorpio, Taurus	6.5
Tiger's Eye	Courage; Protection; Clarity	Tiger's Eye is a protective stone that combines earth energy with the energy of the sun. It balances the lower chakras.	Use Tiger's Eye to improve willpower, support courage, and increase clarity.	Sacral, Solar Plexus, Third Eye	Fire, Earth	Leo, Capricorn	7
Topaz	Manifestation; Joy; Generosity	Topaz promotes truth and forgiveness. It brings joy, generosity, and abundance.	Use Topaz to manifest health and correct disorders, provide inner peace and stimulate the meridians.	Solar Plexus, Throat	Fire, Wind, Earth	Sagittarius, Scorpio	8
Tourmaline	Protection; Grounding; Calming	Tourmaline cleanses, purifies, and transforms dense energy into a lighter vibration. It grounds spiritual energy and forms a protective shield.	Use Tourmaline to balance the chakras, disperse negative energy, and provide protection.	All Chakras (color dependent)	Fire, Earth, Wind	Libra	7 - 7.5
Tsavorite Garnet	Prosperity; Compassion; Healing	Tsavorite promotes prosperity and compassion, and aids in healing and vitality of the heart.	Use Tsavorite to stimulate the heart chakra, enhance intuition, and promote prosperity and abundance.	Heart	Earth, Wind	Aquarius	7 - 7.5
